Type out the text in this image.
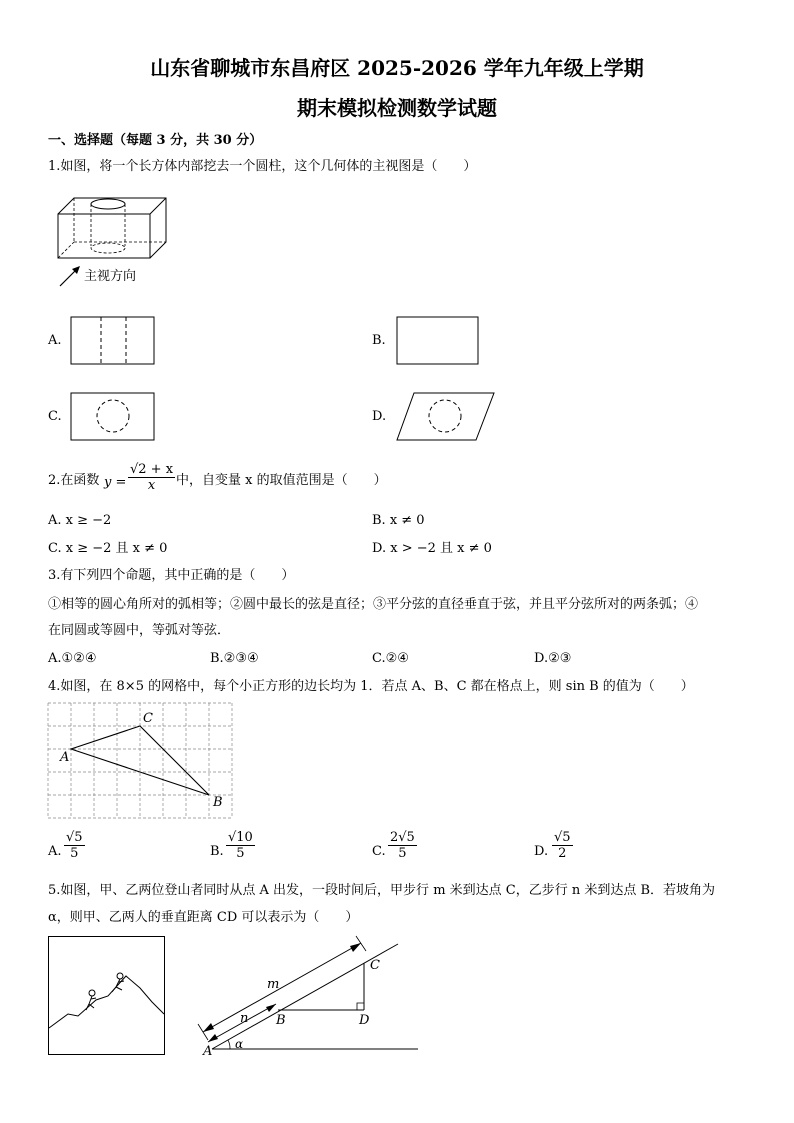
山东省聊城市东昌府区 2025-2026 学年九年级上学期
期末模拟检测数学试题
一、选择题（每题 3 分，共 30 分）
1.如图，将一个长方体内部挖去一个圆柱，这个几何体的主视图是（　　）
主视方向
A.	B.
C.	D.
2.在函数 $y = \frac{√2 + x}{x}$ 中，自变量 x 的取值范围是（　　）
A. x ≥ −2	B. x ≠ 0
C. x ≥ −2 且 x ≠ 0	D. x > −2 且 x ≠ 0
3.有下列四个命题，其中正确的是（　　）
①相等的圆心角所对的弧相等；②圆中最长的弦是直径；③平分弦的直径垂直于弦，并且平分弦所对的两条弧；④
在同圆或等圆中，等弧对等弦．
A.①②④	B.②③④	C.②④	D.②③
4.如图，在 8×5 的网格中，每个小正方形的边长均为 1．若点 A、B、C 都在格点上，则 sin B 的值为（　　）
C
A
B
A. $\frac{√5}{5}$	B. $\frac{√10}{5}$	C. $\frac{2√5}{5}$	D. $\frac{√5}{2}$
5.如图，甲、乙两位登山者同时从点 A 出发，一段时间后，甲步行 m 米到达点 C，乙步行 n 米到达点 B．若坡角为
α，则甲、乙两人的垂直距离 CD 可以表示为（　　）
m
n
A
B
C
D
α
